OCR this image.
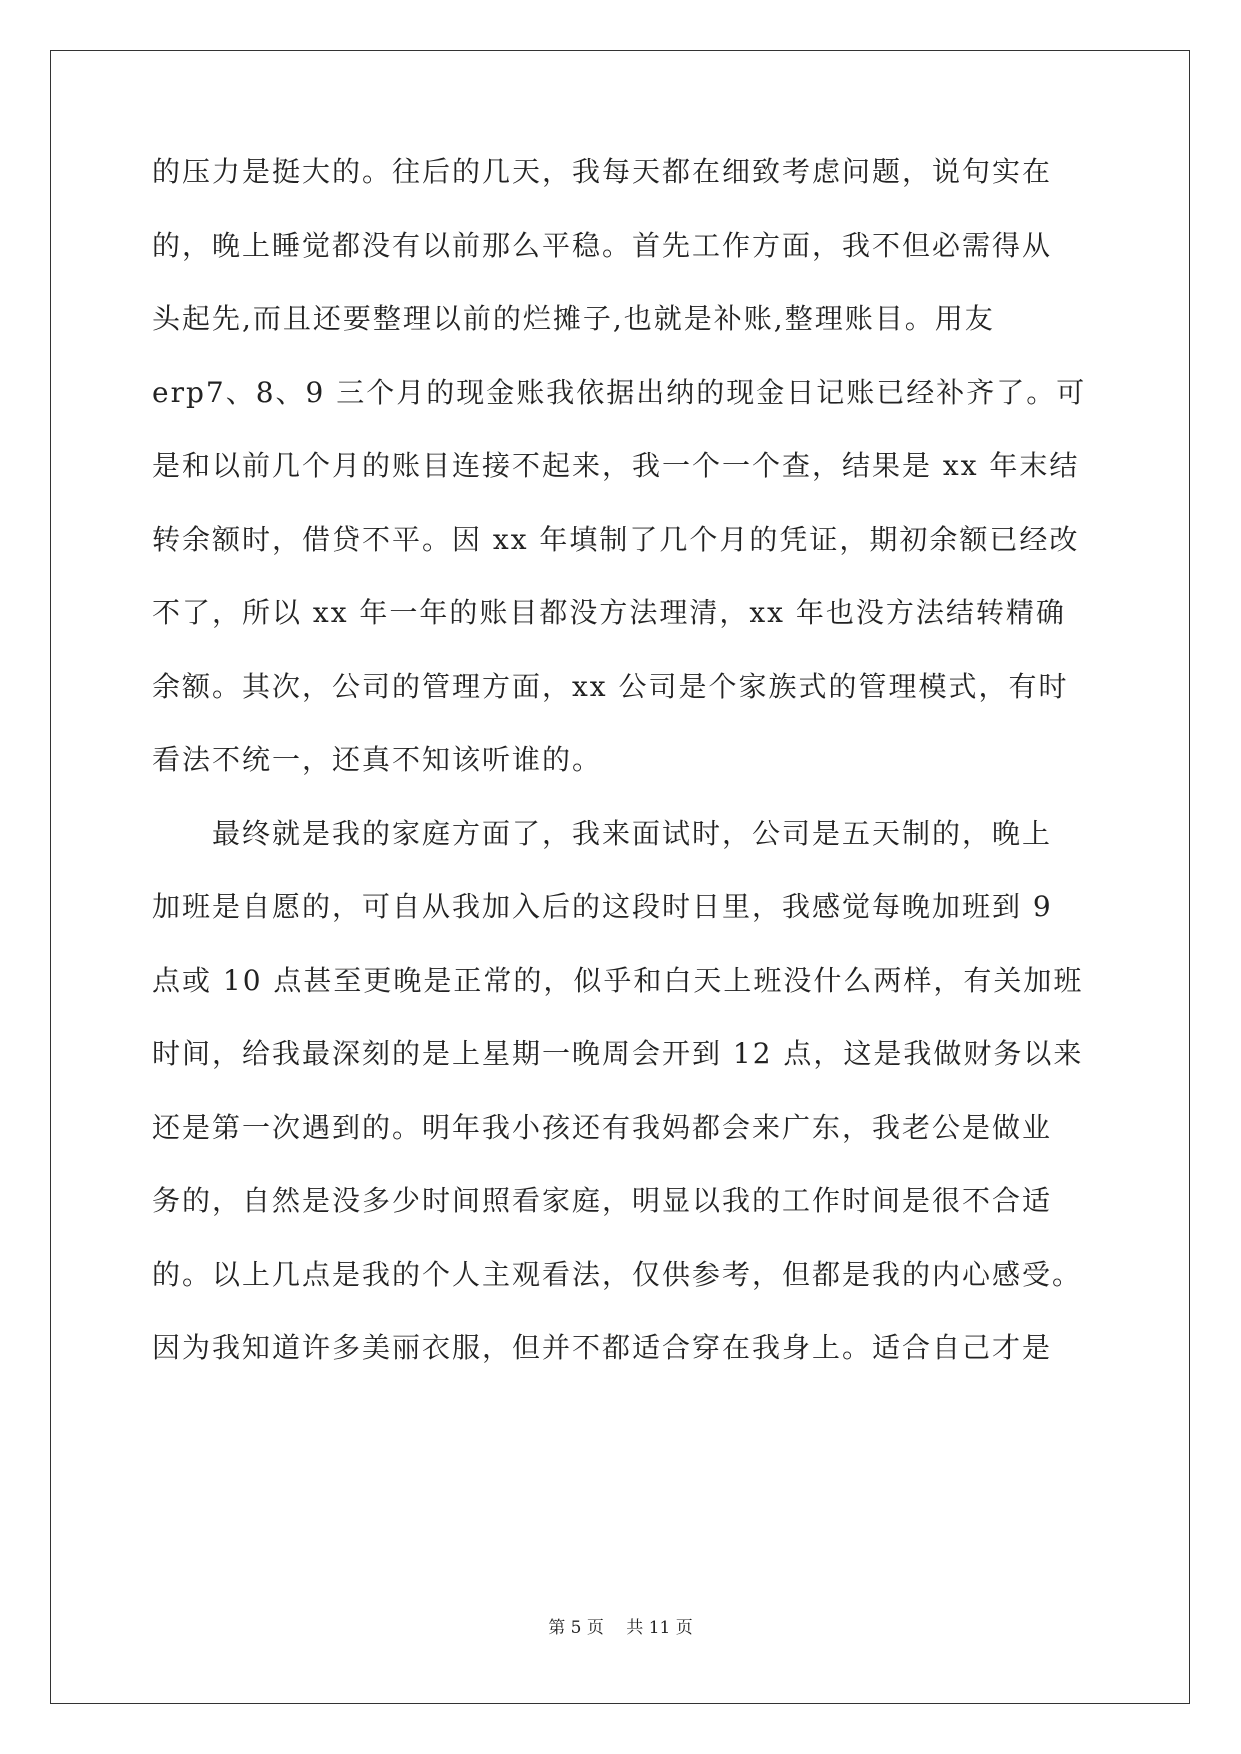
的压力是挺大的。往后的几天，我每天都在细致考虑问题，说句实在
的，晚上睡觉都没有以前那么平稳。首先工作方面，我不但必需得从
头起先,而且还要整理以前的烂摊子,也就是补账,整理账目。用友
erp7、8、9 三个月的现金账我依据出纳的现金日记账已经补齐了。可
是和以前几个月的账目连接不起来，我一个一个查，结果是 xx 年末结
转余额时，借贷不平。因 xx 年填制了几个月的凭证，期初余额已经改
不了，所以 xx 年一年的账目都没方法理清，xx 年也没方法结转精确
余额。其次，公司的管理方面，xx 公司是个家族式的管理模式，有时
看法不统一，还真不知该听谁的。
　　最终就是我的家庭方面了，我来面试时，公司是五天制的，晚上
加班是自愿的，可自从我加入后的这段时日里，我感觉每晚加班到 9
点或 10 点甚至更晚是正常的，似乎和白天上班没什么两样，有关加班
时间，给我最深刻的是上星期一晚周会开到 12 点，这是我做财务以来
还是第一次遇到的。明年我小孩还有我妈都会来广东，我老公是做业
务的，自然是没多少时间照看家庭，明显以我的工作时间是很不合适
的。以上几点是我的个人主观看法，仅供参考，但都是我的内心感受。
因为我知道许多美丽衣服，但并不都适合穿在我身上。适合自己才是
第 5 页　 共 11 页
